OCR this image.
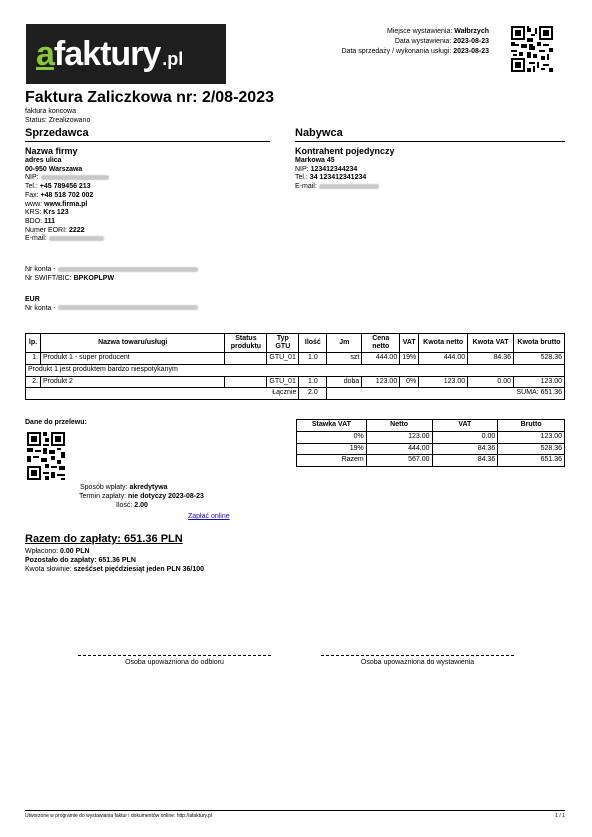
a faktury .pl
Miejsce wystawienia: Wałbrzych
Data wystawienia: 2023-08-23
Data sprzedaży / wykonania usługi: 2023-08-23
Faktura Zaliczkowa nr: 2/08-2023
faktura koncowa
Status: Zrealizowano
Sprzedawca	Nabywca
Nazwa firmy
adres ulica
00-950 Warszawa
NIP:
Tel.: +45 789456 213
Fax: +48 518 702 002
www: www.firma.pl
KRS: Krs 123
BDO: 111
Numer EORI: 2222
E-mail:
Nr konta -
Nr SWIFT/BIC: BPKOPLPW
EUR
Nr konta -
Kontrahent pojedynczy
Markowa 45
NIP: 123412344234
Tel.: 34 123412341234
E-mail:
lp.	Nazwa towaru/usługi	Status produktu	Typ GTU	Ilość	Jm	Cena netto	VAT	Kwota netto	Kwota VAT	Kwota brutto
1.	Produkt 1 - super producent		GTU_01	1.0	szt	444.00	19%	444.00	84.36	528.36
Produkt 1 jest produktem bardzo niespotykanym										
2.	Produkt 2		GTU_01	1.0	doba	123.00	0%	123.00	0.00	123.00
Łącznie				2.0	SUMA: 651.36					
Dane do przelewu:
Sposób wpłaty: akredytywa
Termin zapłaty: nie dotyczy 2023-08-23
Ilość: 2.00
Zapłać online
Stawka VAT	Netto	VAT	Brutto
0%	123.00	0.00	123.00
19%	444.00	84.36	528.36
Razem	567.00	84.36	651.36
Razem do zapłaty: 651.36 PLN
Wpłacono: 0.00 PLN
Pozostało do zapłaty: 651.36 PLN
Kwota słownie: sześćset pięćdziesiąt jeden PLN 36/100
Osoba upoważniona do odbioru	Osoba upoważniona do wystawienia
Utworzone w programie do wystawiania faktur i dokumentów online: http://afaktury.pl	1 / 1
